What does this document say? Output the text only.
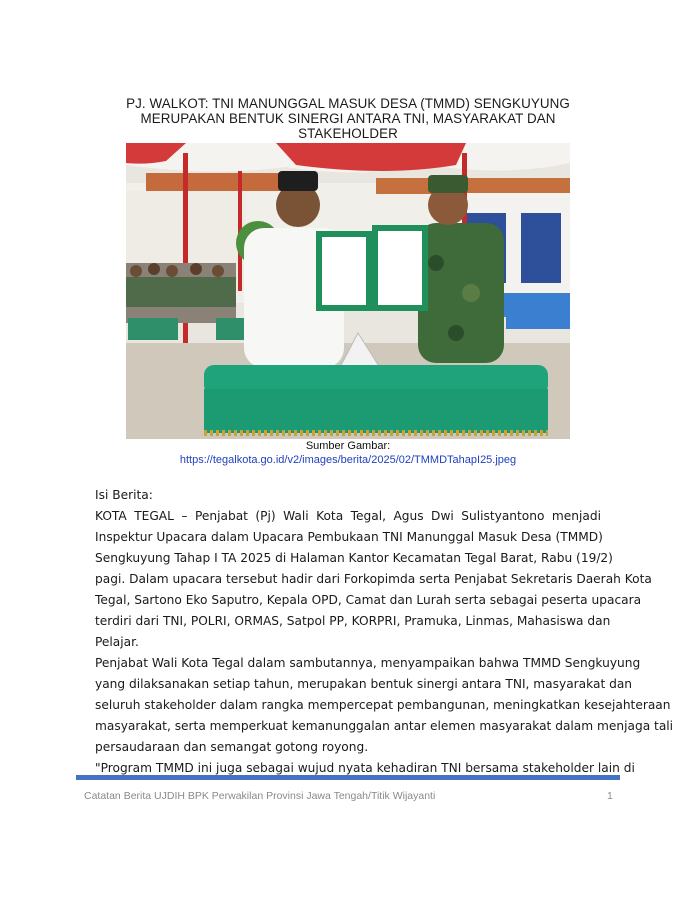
PJ. WALKOT: TNI MANUNGGAL MASUK DESA (TMMD) SENGKUYUNG
MERUPAKAN BENTUK SINERGI ANTARA TNI, MASYARAKAT DAN
STAKEHOLDER
Sumber Gambar:
https://tegalkota.go.id/v2/images/berita/2025/02/TMMDTahapI25.jpeg
Isi Berita:

KOTA TEGAL – Penjabat (Pj) Wali Kota Tegal, Agus Dwi Sulistyantono menjadi
Inspektur Upacara dalam Upacara Pembukaan TNI Manunggal Masuk Desa (TMMD)
Sengkuyung Tahap I TA 2025 di Halaman Kantor Kecamatan Tegal Barat, Rabu (19/2)
pagi. Dalam upacara tersebut hadir dari Forkopimda serta Penjabat Sekretaris Daerah Kota
Tegal, Sartono Eko Saputro, Kepala OPD, Camat dan Lurah serta sebagai peserta upacara
terdiri dari TNI, POLRI, ORMAS, Satpol PP, KORPRI, Pramuka, Linmas, Mahasiswa dan
Pelajar.

Penjabat Wali Kota Tegal dalam sambutannya, menyampaikan bahwa TMMD Sengkuyung
yang dilaksanakan setiap tahun, merupakan bentuk sinergi antara TNI, masyarakat dan
seluruh stakeholder dalam rangka mempercepat pembangunan, meningkatkan kesejahteraan
masyarakat, serta memperkuat kemanunggalan antar elemen masyarakat dalam menjaga tali
persaudaraan dan semangat gotong royong.

"Program TMMD ini juga sebagai wujud nyata kehadiran TNI bersama stakeholder lain di

Catatan Berita UJDIH BPK Perwakilan Provinsi Jawa Tengah/Titik Wijayanti	1
